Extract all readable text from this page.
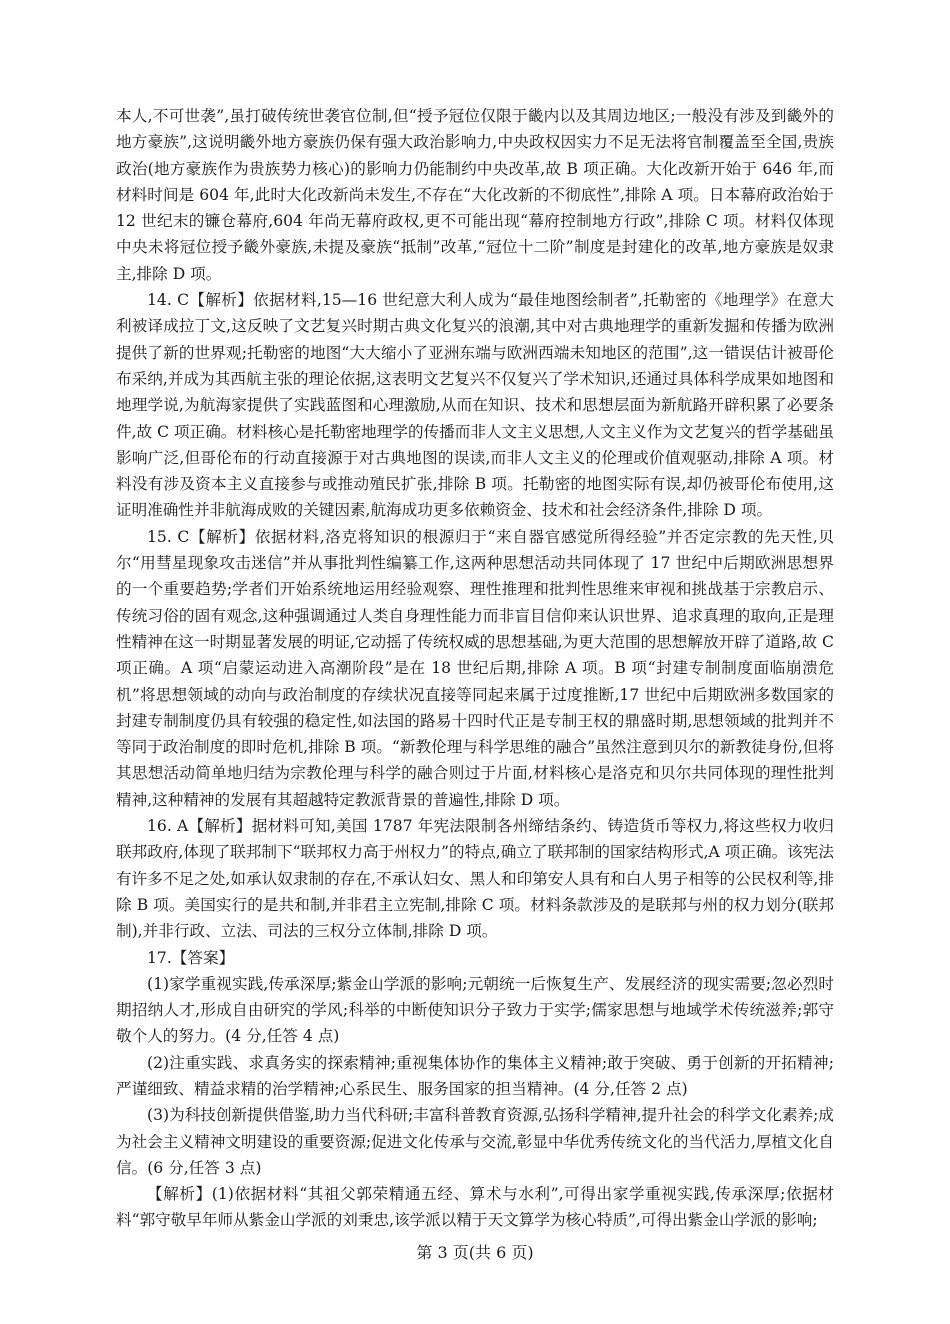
本人,不可世袭”,虽打破传统世袭官位制,但“授予冠位仅限于畿内以及其周边地区;一般没有涉及到畿外的地方豪族”,这说明畿外地方豪族仍保有强大政治影响力,中央政权因实力不足无法将官制覆盖至全国,贵族政治(地方豪族作为贵族势力核心)的影响力仍能制约中央改革,故 B 项正确。大化改新开始于 646 年,而材料时间是 604 年,此时大化改新尚未发生,不存在“大化改新的不彻底性”,排除 A 项。日本幕府政治始于 12 世纪末的镰仓幕府,604 年尚无幕府政权,更不可能出现“幕府控制地方行政”,排除 C 项。材料仅体现中央未将冠位授予畿外豪族,未提及豪族“抵制”改革,“冠位十二阶”制度是封建化的改革,地方豪族是奴隶主,排除 D 项。

14. C【解析】依据材料,15—16 世纪意大利人成为“最佳地图绘制者”,托勒密的《地理学》在意大利被译成拉丁文,这反映了文艺复兴时期古典文化复兴的浪潮,其中对古典地理学的重新发掘和传播为欧洲提供了新的世界观;托勒密的地图“大大缩小了亚洲东端与欧洲西端未知地区的范围”,这一错误估计被哥伦布采纳,并成为其西航主张的理论依据,这表明文艺复兴不仅复兴了学术知识,还通过具体科学成果如地图和地理学说,为航海家提供了实践蓝图和心理激励,从而在知识、技术和思想层面为新航路开辟积累了必要条件,故 C 项正确。材料核心是托勒密地理学的传播而非人文主义思想,人文主义作为文艺复兴的哲学基础虽影响广泛,但哥伦布的行动直接源于对古典地图的误读,而非人文主义的伦理或价值观驱动,排除 A 项。材料没有涉及资本主义直接参与或推动殖民扩张,排除 B 项。托勒密的地图实际有误,却仍被哥伦布使用,这证明准确性并非航海成败的关键因素,航海成功更多依赖资金、技术和社会经济条件,排除 D 项。

15. C【解析】依据材料,洛克将知识的根源归于“来自器官感觉所得经验”并否定宗教的先天性,贝尔“用彗星现象攻击迷信”并从事批判性编纂工作,这两种思想活动共同体现了 17 世纪中后期欧洲思想界的一个重要趋势;学者们开始系统地运用经验观察、理性推理和批判性思维来审视和挑战基于宗教启示、传统习俗的固有观念,这种强调通过人类自身理性能力而非盲目信仰来认识世界、追求真理的取向,正是理性精神在这一时期显著发展的明证,它动摇了传统权威的思想基础,为更大范围的思想解放开辟了道路,故 C 项正确。A 项“启蒙运动进入高潮阶段”是在 18 世纪后期,排除 A 项。B 项“封建专制制度面临崩溃危机”将思想领域的动向与政治制度的存续状况直接等同起来属于过度推断,17 世纪中后期欧洲多数国家的封建专制制度仍具有较强的稳定性,如法国的路易十四时代正是专制王权的鼎盛时期,思想领域的批判并不等同于政治制度的即时危机,排除 B 项。“新教伦理与科学思维的融合”虽然注意到贝尔的新教徒身份,但将其思想活动简单地归结为宗教伦理与科学的融合则过于片面,材料核心是洛克和贝尔共同体现的理性批判精神,这种精神的发展有其超越特定教派背景的普遍性,排除 D 项。

16. A【解析】据材料可知,美国 1787 年宪法限制各州缔结条约、铸造货币等权力,将这些权力收归联邦政府,体现了联邦制下“联邦权力高于州权力”的特点,确立了联邦制的国家结构形式,A 项正确。该宪法有许多不足之处,如承认奴隶制的存在,不承认妇女、黑人和印第安人具有和白人男子相等的公民权利等,排除 B 项。美国实行的是共和制,并非君主立宪制,排除 C 项。材料条款涉及的是联邦与州的权力划分(联邦制),并非行政、立法、司法的三权分立体制,排除 D 项。

17.【答案】

(1)家学重视实践,传承深厚;紫金山学派的影响;元朝统一后恢复生产、发展经济的现实需要;忽必烈时期招纳人才,形成自由研究的学风;科举的中断使知识分子致力于实学;儒家思想与地域学术传统滋养;郭守敬个人的努力。(4 分,任答 4 点)

(2)注重实践、求真务实的探索精神;重视集体协作的集体主义精神;敢于突破、勇于创新的开拓精神;严谨细致、精益求精的治学精神;心系民生、服务国家的担当精神。(4 分,任答 2 点)

(3)为科技创新提供借鉴,助力当代科研;丰富科普教育资源,弘扬科学精神,提升社会的科学文化素养;成为社会主义精神文明建设的重要资源;促进文化传承与交流,彰显中华优秀传统文化的当代活力,厚植文化自信。(6 分,任答 3 点)

【解析】(1)依据材料“其祖父郭荣精通五经、算术与水利”,可得出家学重视实践,传承深厚;依据材料“郭守敬早年师从紫金山学派的刘秉忠,该学派以精于天文算学为核心特质”,可得出紫金山学派的影响;

第 3 页(共 6 页)
